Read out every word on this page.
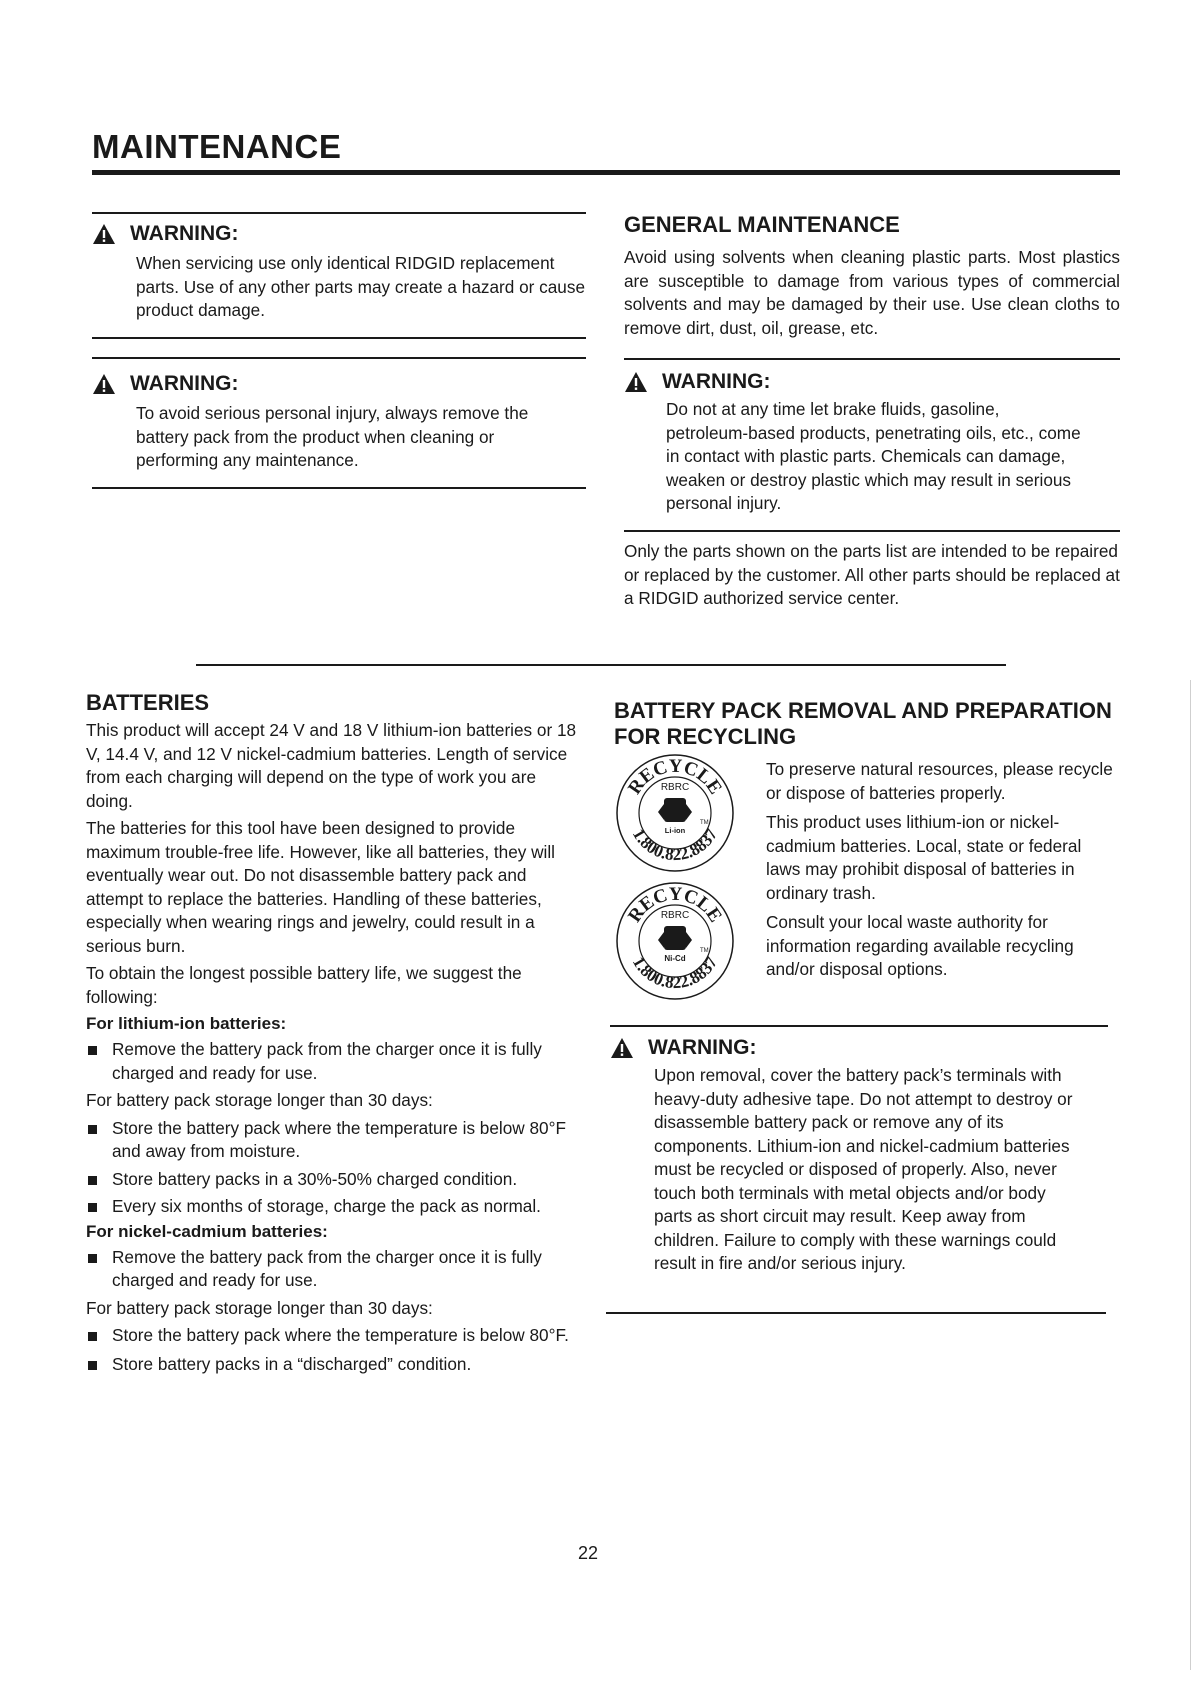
MAINTENANCE
WARNING:

When servicing use only identical RIDGID replacement parts. Use of any other parts may create a hazard or cause product damage.

WARNING:

To avoid serious personal injury, always remove the battery pack from the product when cleaning or performing any maintenance.

GENERAL MAINTENANCE

Avoid using solvents when cleaning plastic parts. Most plastics are susceptible to damage from various types of commercial solvents and may be damaged by their use. Use clean cloths to remove dirt, dust, oil, grease, etc.

WARNING:

Do not at any time let brake fluids, gasoline, petroleum-based products, penetrating oils, etc., come in contact with plastic parts. Chemicals can damage, weaken or destroy plastic which may result in serious personal injury.

Only the parts shown on the parts list are intended to be repaired or replaced by the customer. All other parts should be replaced at a RIDGID authorized service center.

BATTERIES

This product will accept 24 V and 18 V lithium-ion batteries or 18 V, 14.4 V, and 12 V nickel-cadmium batteries. Length of service from each charging will depend on the type of work you are doing.

The batteries for this tool have been designed to provide maximum trouble-free life. However, like all batteries, they will eventually wear out. Do not disassemble battery pack and attempt to replace the batteries. Handling of these batteries, especially when wearing rings and jewelry, could result in a serious burn.

To obtain the longest possible battery life, we suggest the following:

For lithium-ion batteries:
Remove the battery pack from the charger once it is fully charged and ready for use.

For battery pack storage longer than 30 days:

Store the battery pack where the temperature is below 80°F and away from moisture.
Store battery packs in a 30%-50% charged condition.
Every six months of storage, charge the pack as normal.
For nickel-cadmium batteries:
Remove the battery pack from the charger once it is fully charged and ready for use.

For battery pack storage longer than 30 days:

Store the battery pack where the temperature is below 80°F.
Store battery packs in a “discharged” condition.
BATTERY PACK REMOVAL AND PREPARATION
FOR RECYCLING
RECYCLE
1.800.822.8837
RBRC
Li-ion
TM
RECYCLE
1.800.822.8837
RBRC
Ni-Cd
TM

To preserve natural resources, please recycle or dispose of batteries properly.

This product uses lithium-ion or nickel-cadmium batteries. Local, state or federal laws may prohibit disposal of batteries in ordinary trash.

Consult your local waste authority for information regarding available recycling and/or disposal options.

WARNING:

Upon removal, cover the battery pack’s terminals with heavy-duty adhesive tape. Do not attempt to destroy or disassemble battery pack or remove any of its components. Lithium-ion and nickel-cadmium batteries must be recycled or disposed of properly. Also, never touch both terminals with metal objects and/or body parts as short circuit may result. Keep away from children. Failure to comply with these warnings could result in fire and/or serious injury.

22
